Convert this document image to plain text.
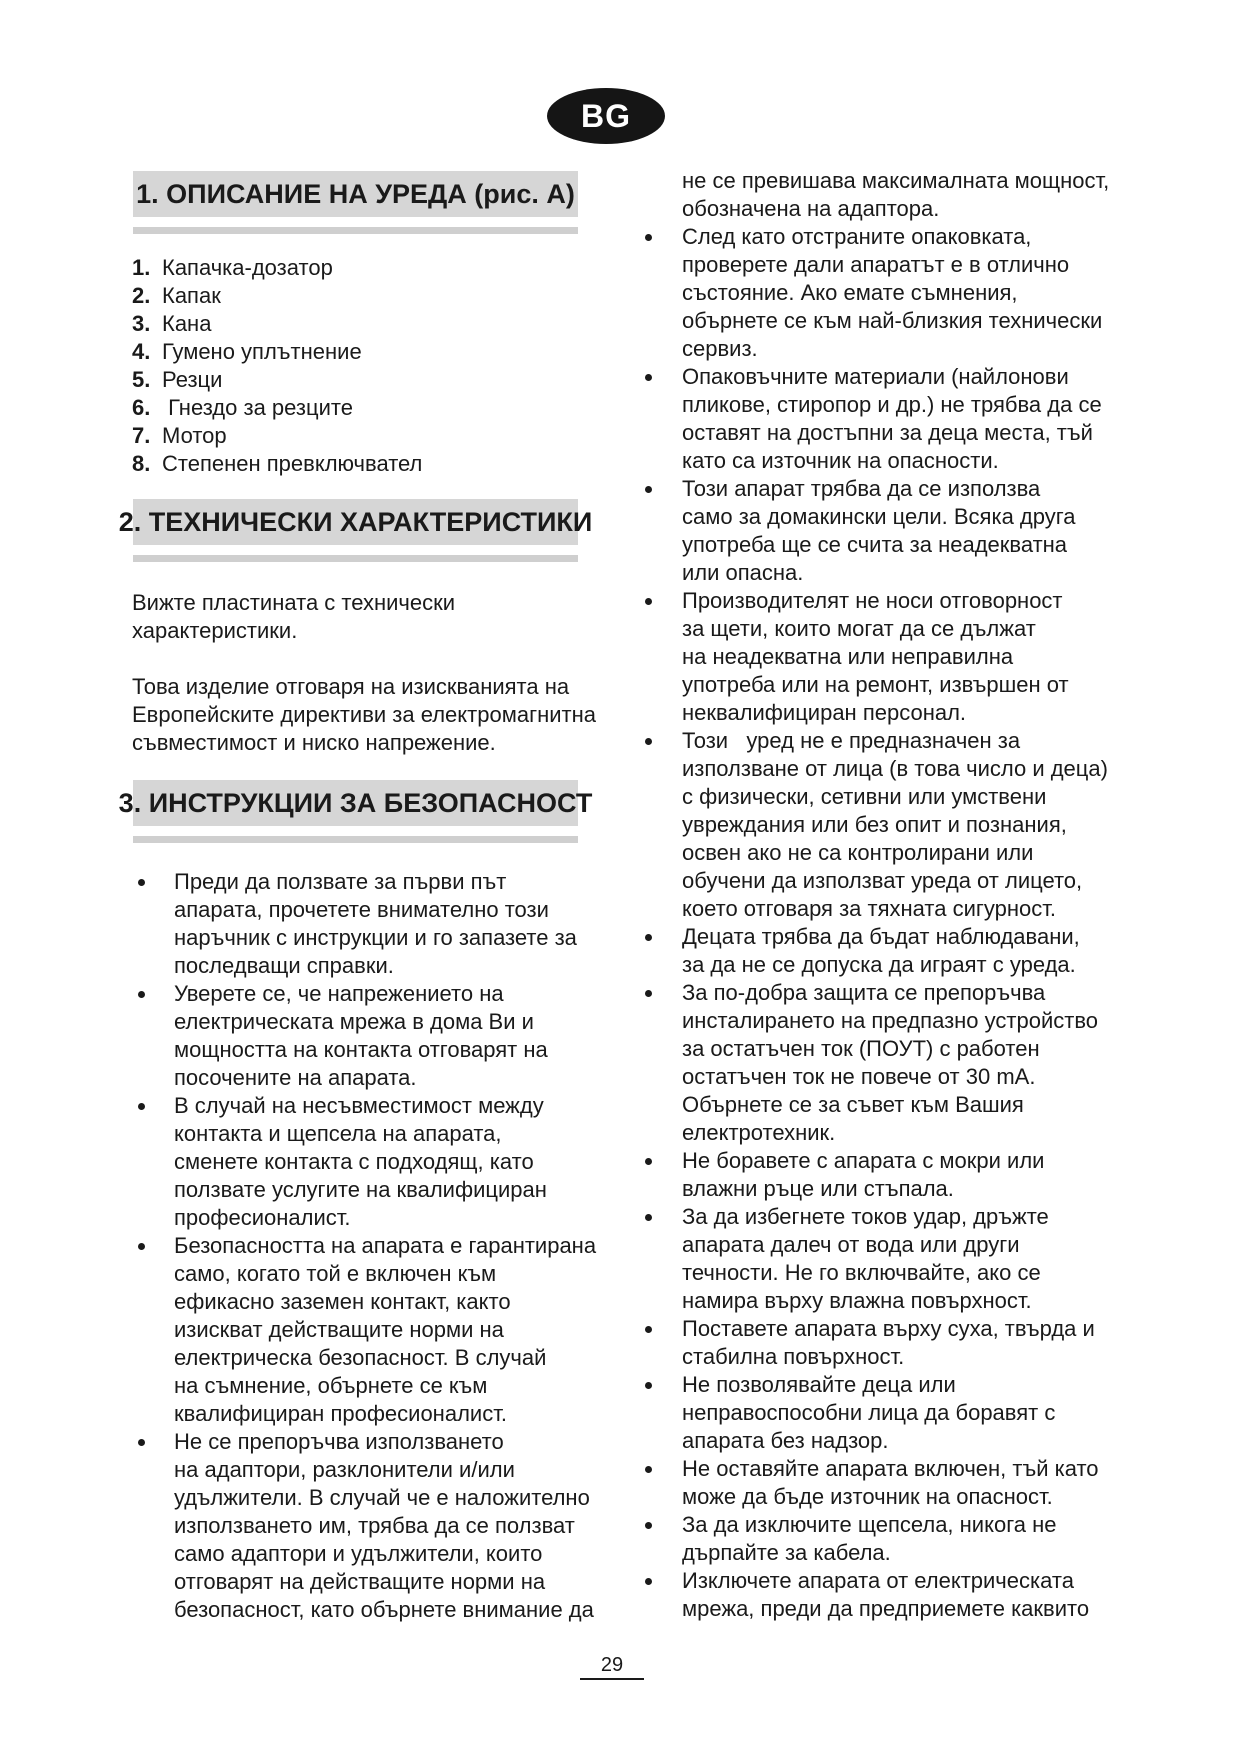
BG
1. ОПИСАНИЕ НА УРЕДА (рис. А)
1. Капачка-дозатор
2. Капак
3. Кана
4. Гумено уплътнение
5. Резци
6. Гнездо за резците
7. Мотор
8. Степенен превключвател
2. ТЕХНИЧЕСКИ ХАРАКТЕРИСТИКИ
Вижте пластината с технически
характеристики.
Това изделие отговаря на изискванията на
Европейските директиви за електромагнитна
съвместимост и ниско напрежение.
3. ИНСТРУКЦИИ ЗА БЕЗОПАСНОСТ
Преди да ползвате за първи път
апарата, прочетете внимателно този
наръчник с инструкции и го запазете за
последващи справки.
Уверете се, че напрежението на
електрическата мрежа в дома Ви и
мощността на контакта отговарят на
посочените на апарата.
В случай на несъвместимост между
контакта и щепсела на апарата,
сменете контакта с подходящ, като
ползвате услугите на квалифициран
професионалист.
Безопасността на апарата е гарантирана
само, когато той е включен към
ефикасно заземен контакт, както
изискват действащите норми на
електрическа безопасност. В случай
на съмнение, обърнете се към
квалифициран професионалист.
Не се препоръчва използването
на адаптори, разклонители и/или
удължители. В случай че е наложително
използването им, трябва да се ползват
само адаптори и удължители, които
отговарят на действащите норми на
безопасност, като обърнете внимание да
не се превишава максималната мощност,
обозначена на адаптора.
След като отстраните опаковката,
проверете дали апаратът е в отлично
състояние. Ако емате съмнения,
обърнете се към най-близкия технически
сервиз.
Опаковъчните материали (найлонови
пликове, стиропор и др.) не трябва да се
оставят на достъпни за деца места, тъй
като са източник на опасности.
Този апарат трябва да се използва
само за домакински цели. Всяка друга
употреба ще се счита за неадекватна
или опасна.
Производителят не носи отговорност
за щети, които могат да се дължат
на неадекватна или неправилна
употреба или на ремонт, извършен от
неквалифициран персонал.
Този   уред не е предназначен за
използване от лица (в това число и деца)
с физически, сетивни или умствени
увреждания или без опит и познания,
освен ако не са контролирани или
обучени да използват уреда от лицето,
което отговаря за тяхната сигурност.
Децата трябва да бъдат наблюдавани,
за да не се допуска да играят с уреда.
За по-добра защита се препоръчва
инсталирането на предпазно устройство
за остатъчен ток (ПОУТ) с работен
остатъчен ток не повече от 30 mA.
Обърнете се за съвет към Вашия
електротехник.
Не боравете с апарата с мокри или
влажни ръце или стъпала.
За да избегнете токов удар, дръжте
апарата далеч от вода или други
течности. Не го включвайте, ако се
намира върху влажна повърхност.
Поставете апарата върху суха, твърда и
стабилна повърхност.
Не позволявайте деца или
неправоспособни лица да боравят с
апарата без надзор.
Не оставяйте апарата включен, тъй като
може да бъде източник на опасност.
За да изключите щепсела, никога не
дърпайте за кабела.
Изключете апарата от електрическата
мрежа, преди да предприемете каквито
29
